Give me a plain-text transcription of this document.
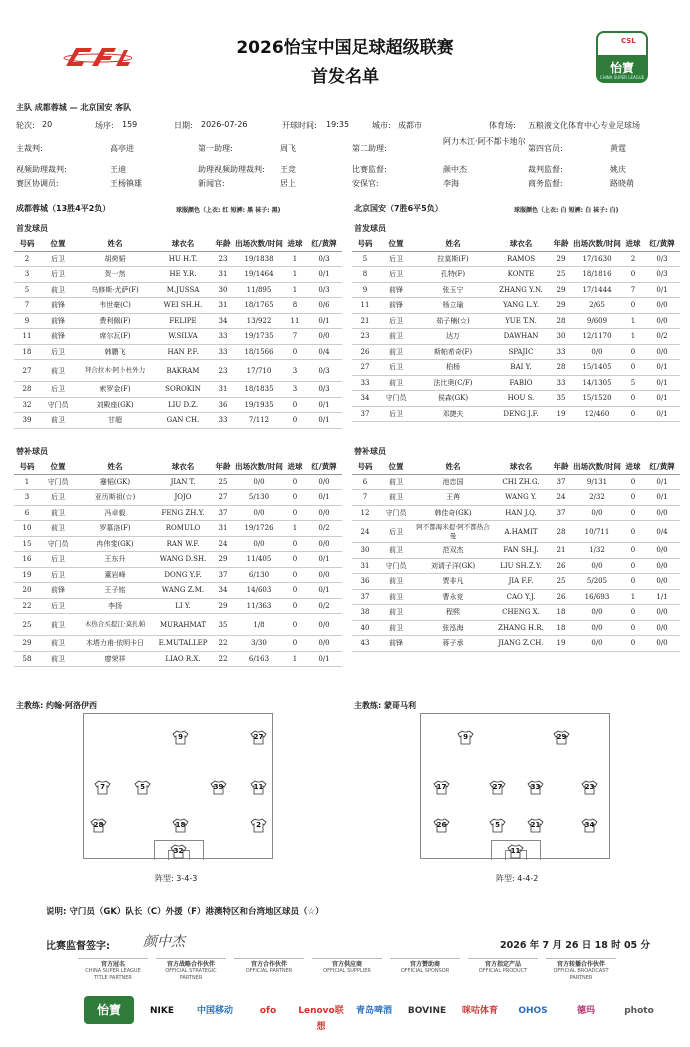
2026怡宝中国足球超级联赛
首发名单
CSL
怡寶
CHINA SUPER LEAGUE
主队 成都蓉城 — 北京国安 客队
轮次: 20	场序: 159	日期: 2026-07-26	开球时间: 19:35	城市: 成都市	体育场: 五粮液文化体育中心专业足球场
主裁判:	高亭进	第一助理:	周飞	第二助理:
阿力木江·阿不都卡地尔
第四官员:	黄霆
视频助理裁判:	王迪	助理视频助理裁判: 王竞	比赛监督:	颜中杰	裁判监督:	姚庆
赛区协调员:	王杨镇雄	新闻官:	居上	安保官:	李海	商务监督:	路晓萌
成都蓉城（13胜4平2负）	球服颜色（上衣: 红 短裤: 黑 袜子: 黑)	北京国安（7胜6平5负）	球服颜色（上衣: 白 短裤: 白 袜子: 白)
首发球员	首发球员
号码	位置	姓名	球衣名	年龄	出场次数/时间	进球	红/黄牌
2	后卫	胡荷韬	HU H.T.	23	19/1838	1	0/3
3	后卫	贺一然	HE Y.R.	31	19/1464	1	0/1
5	前卫	乌修斯·尤萨(F)	M.JUSSA	30	11/895	1	0/3
7	前锋	韦世豪(C)	WEI SH.H.	31	18/1765	8	0/6
9	前锋	费利佩(F)	FELIPE	34	13/922	11	0/1
11	前锋	席尔瓦(F)	W.SILVA	33	19/1735	7	0/0
18	后卫	韩鹏飞	HAN P.F.	33	18/1566	0	0/4
27	前卫	拜合拉木·阿卜杜外力	BAKRAM	23	17/710	3	0/3
28	后卫	索罗金(F)	SOROKIN	31	18/1835	3	0/3
32	守门员	刘殿座(GK)	LIU D.Z.	36	19/1935	0	0/1
39	前卫	甘超	GAN CH.	33	7/112	0	0/1
号码	位置	姓名	球衣名	年龄	出场次数/时间	进球	红/黄牌
5	后卫	拉莫斯(F)	RAMOS	29	17/1630	2	0/3
8	后卫	孔特(F)	KONTE	25	18/1816	0	0/3
9	前锋	张玉宁	ZHANG Y.N.	29	17/1444	7	0/1
11	前锋	杨立瑜	YANG L.Y.	29	2/65	0	0/0
21	后卫	茹子楠(☆)	YUE T.N.	28	9/609	1	0/0
23	前卫	达万	DAWHAN	30	12/1170	1	0/2
26	前卫	斯帕希奇(F)	SPAJIC	33	0/0	0	0/0
27	后卫	柏杨	BAI Y.	28	15/1405	0	0/1
33	前卫	法比奥(C/F)	FABIO	33	14/1305	5	0/1
34	守门员	侯森(GK)	HOU S.	35	15/1520	0	0/1
37	后卫	邓捷夫	DENG J.F.	19	12/460	0	0/1
替补球员	替补球员
号码	位置	姓名	球衣名	年龄	出场次数/时间	进球	红/黄牌
1	守门员	蹇韬(GK)	JIAN T.	25	0/0	0	0/0
3	后卫	亚历斯祖(☆)	JOJO	27	5/130	0	0/1
6	前卫	冯卓毅	FENG ZH.Y.	37	0/0	0	0/0
10	前卫	罗慕洛(F)	ROMULO	31	19/1726	1	0/2
15	守门员	冉伟斐(GK)	RAN W.F.	24	0/0	0	0/0
16	后卫	王东升	WANG D.SH.	29	11/405	0	0/1
19	后卫	董岩峰	DONG Y.F.	37	6/130	0	0/0
20	前锋	王子铭	WANG Z.M.	34	14/603	0	0/1
22	后卫	李扬	LI Y.	29	11/363	0	0/2
25	前卫	木热合买提江·莫扎帕	MURAHMAT	35	1/8	0	0/0
29	前卫	木塔力甫·依明卡日	E.MUTALLEP	22	3/30	0	0/0
58	前卫	廖荣祥	LIAO R.X.	22	6/163	1	0/1
号码	位置	姓名	球衣名	年龄	出场次数/时间	进球	红/黄牌
6	前卫	池忠国	CHI ZH.G.	37	9/131	0	0/1
7	前卫	王苒	WANG Y.	24	2/32	0	0/1
12	守门员	韩佳奇(GK)	HAN J.Q.	37	0/0	0	0/0
24	后卫	阿不都海米提·阿不都热合曼	A.HAMIT	28	10/711	0	0/4
30	前卫	范双杰	FAN SH.J.	21	1/32	0	0/0
31	守门员	刘谞子洋(GK)	LIU SH.Z.Y.	26	0/0	0	0/0
36	前卫	贾非凡	JIA F.F.	25	5/205	0	0/0
37	前卫	曹永竞	CAO Y.J.	26	16/693	1	1/1
38	前卫	程熙	CHENG X.	18	0/0	0	0/0
40	前卫	张泓海	ZHANG H.R.	18	0/0	0	0/0
43	前锋	蒋子承	JIANG Z.CH.	19	0/0	0	0/0
主教练: 约翰·阿洛伊西	主教练: 蒙哥马利
9	27
7	5	39	11
28	18	2
32
9	29
17	27	33	23
26	5	21	34
11
阵型: 3-4-3	阵型: 4-4-2
说明: 守门员（GK）队长（C）外援（F）港澳特区和台湾地区球员（☆）
比赛监督签字: 颜中杰	2026 年 7 月 26 日 18 时 05 分
官方冠名
CHINA SUPER LEAGUE TITLE PARTNER
官方战略合作伙伴
OFFICIAL STRATEGIC PARTNER
官方合作伙伴
OFFICIAL PARTNER
官方供应商
OFFICIAL SUPPLIER
官方赞助商
OFFICIAL SPONSOR
官方指定产品
OFFICIAL PRODUCT
官方转播合作伙伴
OFFICIAL BROADCAST PARTNER
怡寶	NIKE	中国移动	ofo	Lenovo联想
青岛啤酒	BOVINE	咪咕体育	OHOS	德玛	photo
